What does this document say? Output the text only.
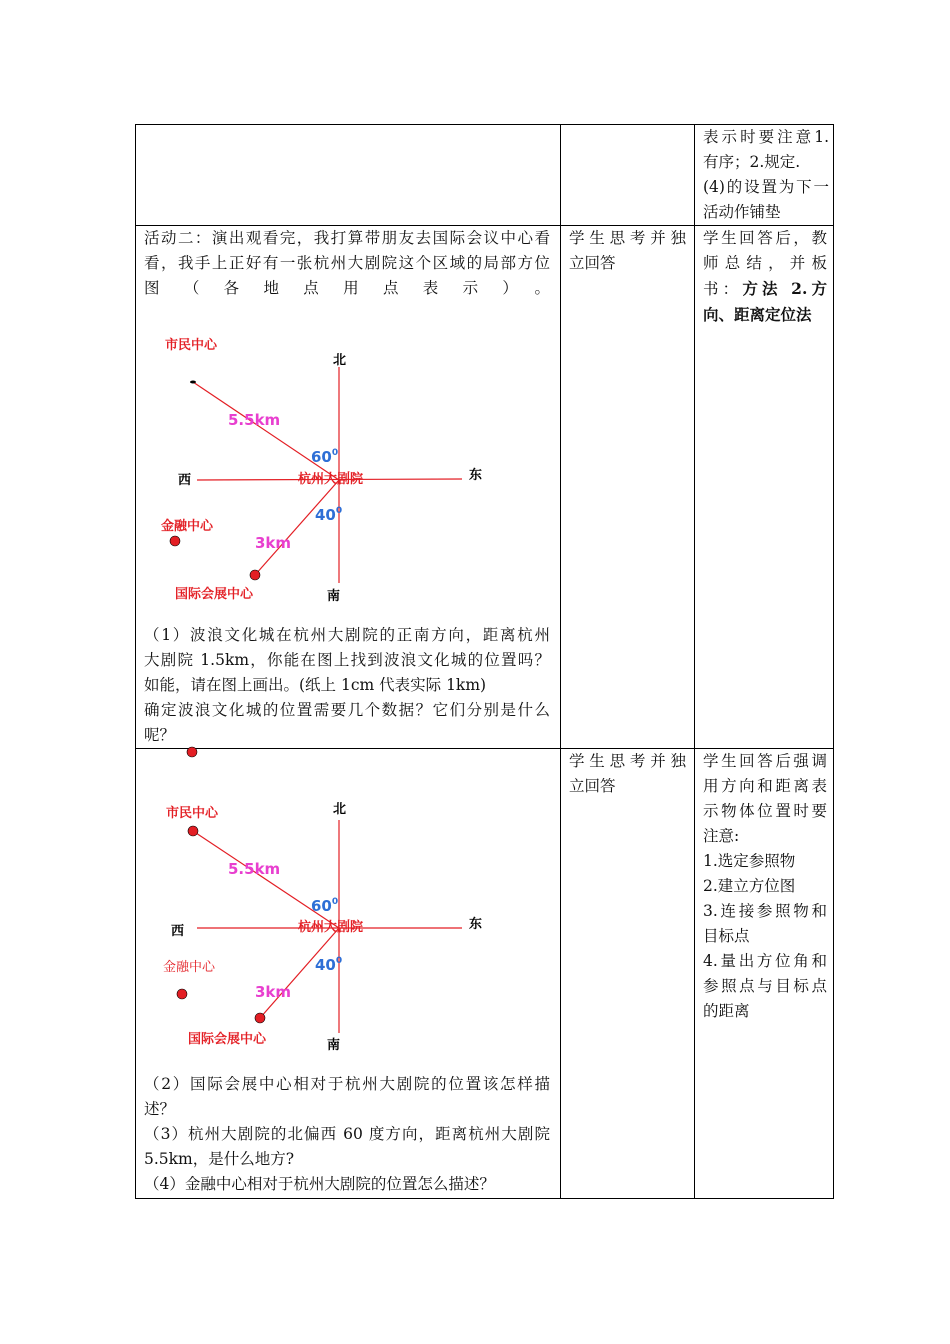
表示时要注意1.

有序；2.规定.

(4)的设置为下一

活动作铺垫

活动二：演出观看完，我打算带朋友去国际会议中心看

看，我手上正好有一张杭州大剧院这个区域的局部方位

图（各地点用点表示）。

北
南
西	东
杭州大剧院
市民中心
金融中心
国际会展中心
5.5km
3km
$60^0$
$40^0$

（1）波浪文化城在杭州大剧院的正南方向，距离杭州

大剧院 1.5km，你能在图上找到波浪文化城的位置吗？

如能，请在图上画出。(纸上 1cm 代表实际 1km)

确定波浪文化城的位置需要几个数据？它们分别是什么

呢？

学生思考并独

立回答

学生回答后，教

师总结，并板

书：方法 2.方

向、距离定位法

北
南
西	东
杭州大剧院
市民中心
金融中心
国际会展中心
5.5km
3km
$60^0$
$40^0$

（2）国际会展中心相对于杭州大剧院的位置该怎样描

述？

（3）杭州大剧院的北偏西 60 度方向，距离杭州大剧院

5.5km，是什么地方?

（4）金融中心相对于杭州大剧院的位置怎么描述？

学生思考并独

立回答

学生回答后强调

用方向和距离表

示物体位置时要

注意:

1.选定参照物

2.建立方位图

3.连接参照物和

目标点

4.量出方位角和

参照点与目标点

的距离
